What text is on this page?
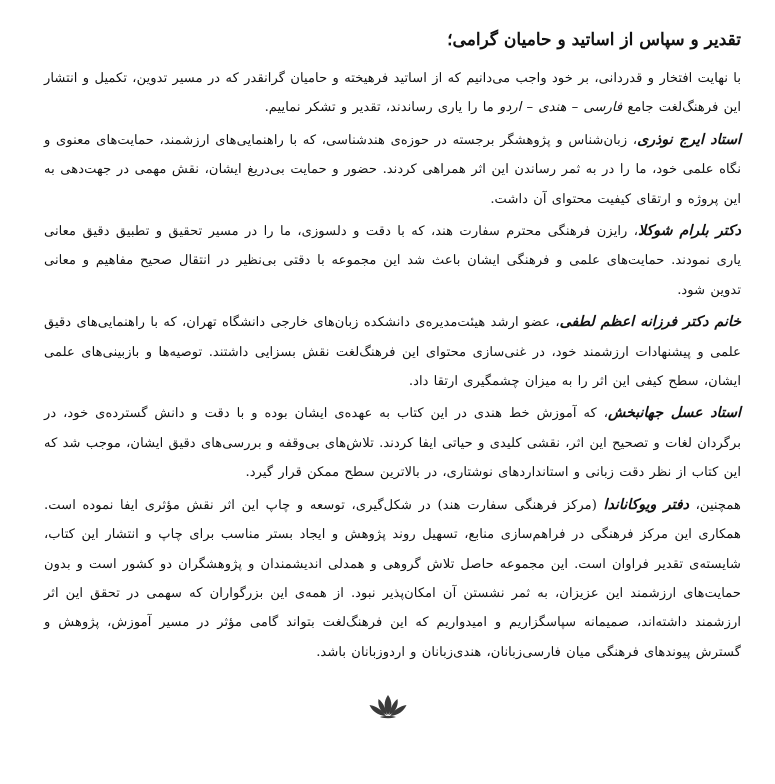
تقدیر و سپاس از اساتید و حامیان گرامی؛

با نهایت افتخار و قدردانی، بر خود واجب می‌دانیم که از اساتید فرهیخته و حامیان گرانقدر که در مسیر تدوین، تکمیل و انتشار این فرهنگ‌لغت جامع فارسی – هندی – اردو ما را یاری رساندند، تقدیر و تشکر نماییم.

استاد ایرج نوذری، زبان‌شناس و پژوهشگر برجسته در حوزه‌ی هندشناسی، که با راهنمایی‌های ارزشمند، حمایت‌های معنوی و نگاه علمی خود، ما را در به ثمر رساندن این اثر همراهی کردند. حضور و حمایت بی‌دریغ ایشان، نقش مهمی در جهت‌دهی به این پروژه و ارتقای کیفیت محتوای آن داشت.

دکتر بلرام شوکلا، رایزن فرهنگی محترم سفارت هند، که با دقت و دلسوزی، ما را در مسیر تحقیق و تطبیق دقیق معانی یاری نمودند. حمایت‌های علمی و فرهنگی ایشان باعث شد این مجموعه با دقتی بی‌نظیر در انتقال صحیح مفاهیم و معانی تدوین شود.

خانم دکتر فرزانه اعظم لطفی، عضو ارشد هیئت‌مدیره‌ی دانشکده زبان‌های خارجی دانشگاه تهران، که با راهنمایی‌های دقیق علمی و پیشنهادات ارزشمند خود، در غنی‌سازی محتوای این فرهنگ‌لغت نقش بسزایی داشتند. توصیه‌ها و بازبینی‌های علمی ایشان، سطح کیفی این اثر را به میزان چشمگیری ارتقا داد.

استاد عسل جهانبخش، که آموزش خط هندی در این کتاب به عهده‌ی ایشان بوده و با دقت و دانش گسترده‌ی خود، در برگردان لغات و تصحیح این اثر، نقشی کلیدی و حیاتی ایفا کردند. تلاش‌های بی‌وقفه و بررسی‌های دقیق ایشان، موجب شد که این کتاب از نظر دقت زبانی و استانداردهای نوشتاری، در بالاترین سطح ممکن قرار گیرد.

همچنین، دفتر ویوکاناندا (مرکز فرهنگی سفارت هند) در شکل‌گیری، توسعه و چاپ این اثر نقش مؤثری ایفا نموده است. همکاری این مرکز فرهنگی در فراهم‌سازی منابع، تسهیل روند پژوهش و ایجاد بستر مناسب برای چاپ و انتشار این کتاب، شایسته‌ی تقدیر فراوان است. این مجموعه حاصل تلاش گروهی و همدلی اندیشمندان و پژوهشگران دو کشور است و بدون حمایت‌های ارزشمند این عزیزان، به ثمر نشستن آن امکان‌پذیر نبود. از همه‌ی این بزرگواران که سهمی در تحقق این اثر ارزشمند داشته‌اند، صمیمانه سپاسگزاریم و امیدواریم که این فرهنگ‌لغت بتواند گامی مؤثر در مسیر آموزش، پژوهش و گسترش پیوندهای فرهنگی میان فارسی‌زبانان، هندی‌زبانان و اردوزبانان باشد.
